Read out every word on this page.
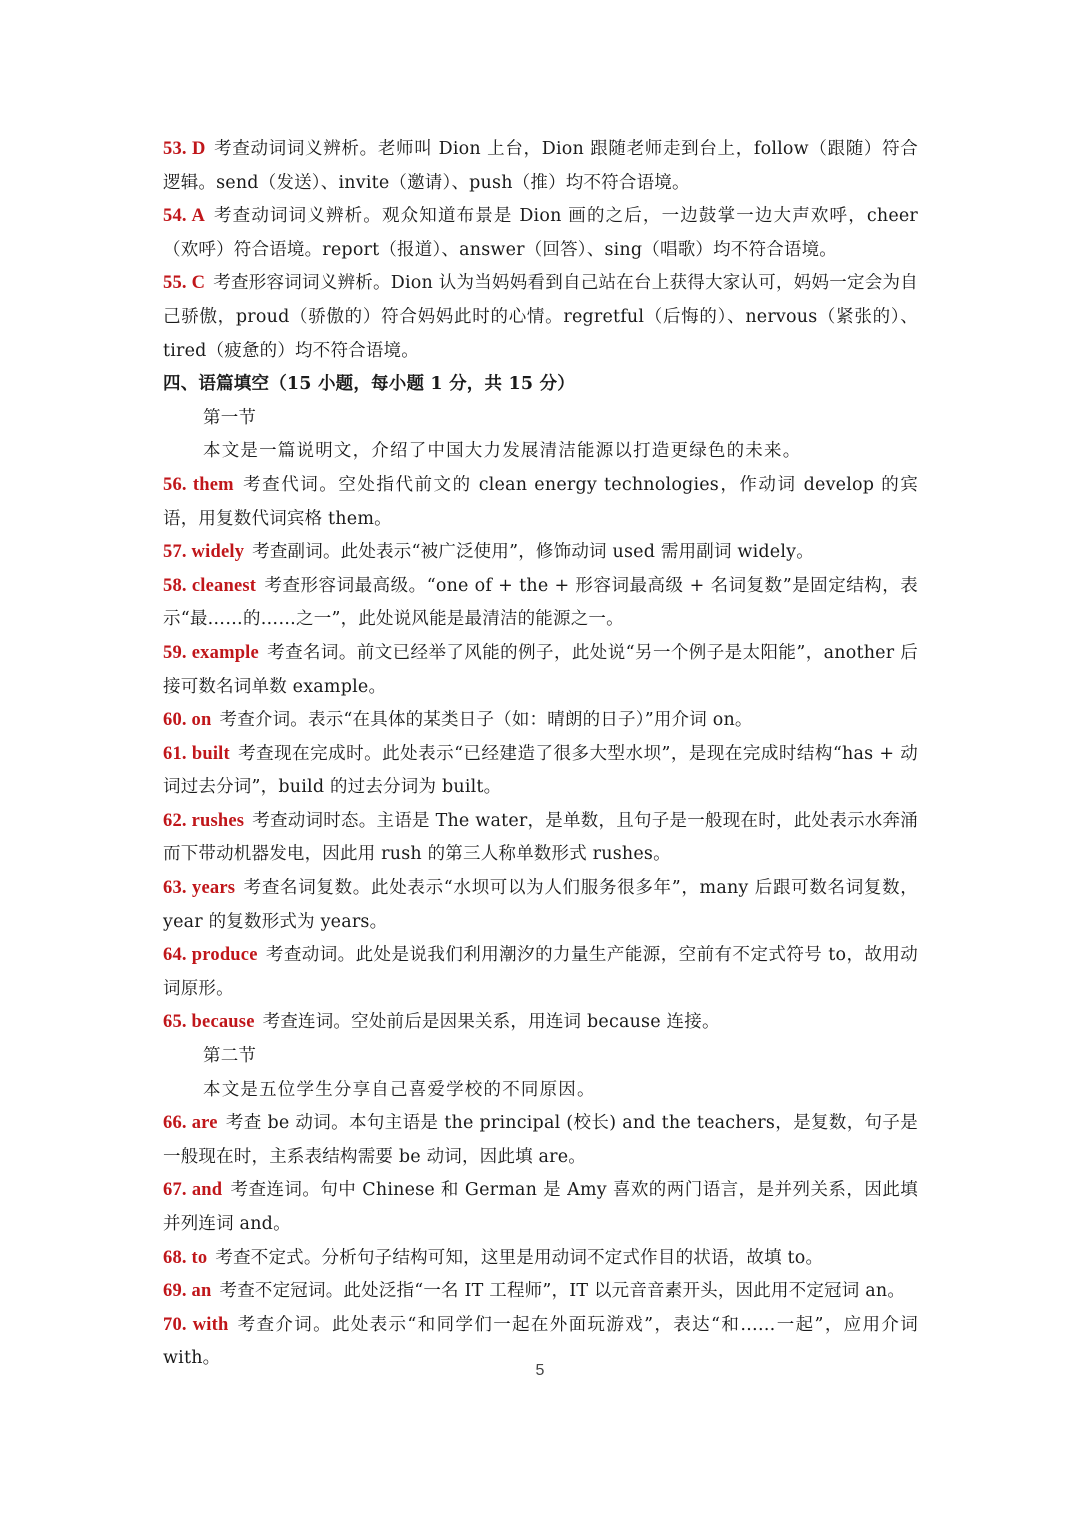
53. D 考查动词词义辨析。老师叫 Dion 上台，Dion 跟随老师走到台上，follow（跟随）符合逻辑。send（发送）、invite（邀请）、push（推）均不符合语境。

54. A 考查动词词义辨析。观众知道布景是 Dion 画的之后，一边鼓掌一边大声欢呼，cheer（欢呼）符合语境。report（报道）、answer（回答）、sing（唱歌）均不符合语境。

55. C 考查形容词词义辨析。Dion 认为当妈妈看到自己站在台上获得大家认可，妈妈一定会为自己骄傲，proud（骄傲的）符合妈妈此时的心情。regretful（后悔的）、nervous（紧张的）、tired（疲惫的）均不符合语境。

四、语篇填空（15 小题，每小题 1 分，共 15 分）

第一节

本文是一篇说明文，介绍了中国大力发展清洁能源以打造更绿色的未来。

56. them 考查代词。空处指代前文的 clean energy technologies，作动词 develop 的宾语，用复数代词宾格 them。

57. widely 考查副词。此处表示“被广泛使用”，修饰动词 used 需用副词 widely。

58. cleanest 考查形容词最高级。“one of + the + 形容词最高级 + 名词复数”是固定结构，表示“最……的……之一”，此处说风能是最清洁的能源之一。

59. example 考查名词。前文已经举了风能的例子，此处说“另一个例子是太阳能”，another 后接可数名词单数 example。

60. on 考查介词。表示“在具体的某类日子（如：晴朗的日子）”用介词 on。

61. built 考查现在完成时。此处表示“已经建造了很多大型水坝”，是现在完成时结构“has + 动词过去分词”，build 的过去分词为 built。

62. rushes 考查动词时态。主语是 The water，是单数，且句子是一般现在时，此处表示水奔涌而下带动机器发电，因此用 rush 的第三人称单数形式 rushes。

63. years 考查名词复数。此处表示“水坝可以为人们服务很多年”，many 后跟可数名词复数，year 的复数形式为 years。

64. produce 考查动词。此处是说我们利用潮汐的力量生产能源，空前有不定式符号 to，故用动词原形。

65. because 考查连词。空处前后是因果关系，用连词 because 连接。

第二节

本文是五位学生分享自己喜爱学校的不同原因。

66. are 考查 be 动词。本句主语是 the principal (校长) and the teachers，是复数，句子是一般现在时，主系表结构需要 be 动词，因此填 are。

67. and 考查连词。句中 Chinese 和 German 是 Amy 喜欢的两门语言，是并列关系，因此填并列连词 and。

68. to 考查不定式。分析句子结构可知，这里是用动词不定式作目的状语，故填 to。

69. an 考查不定冠词。此处泛指“一名 IT 工程师”，IT 以元音音素开头，因此用不定冠词 an。

70. with 考查介词。此处表示“和同学们一起在外面玩游戏”，表达“和……一起”，应用介词 with。

5
